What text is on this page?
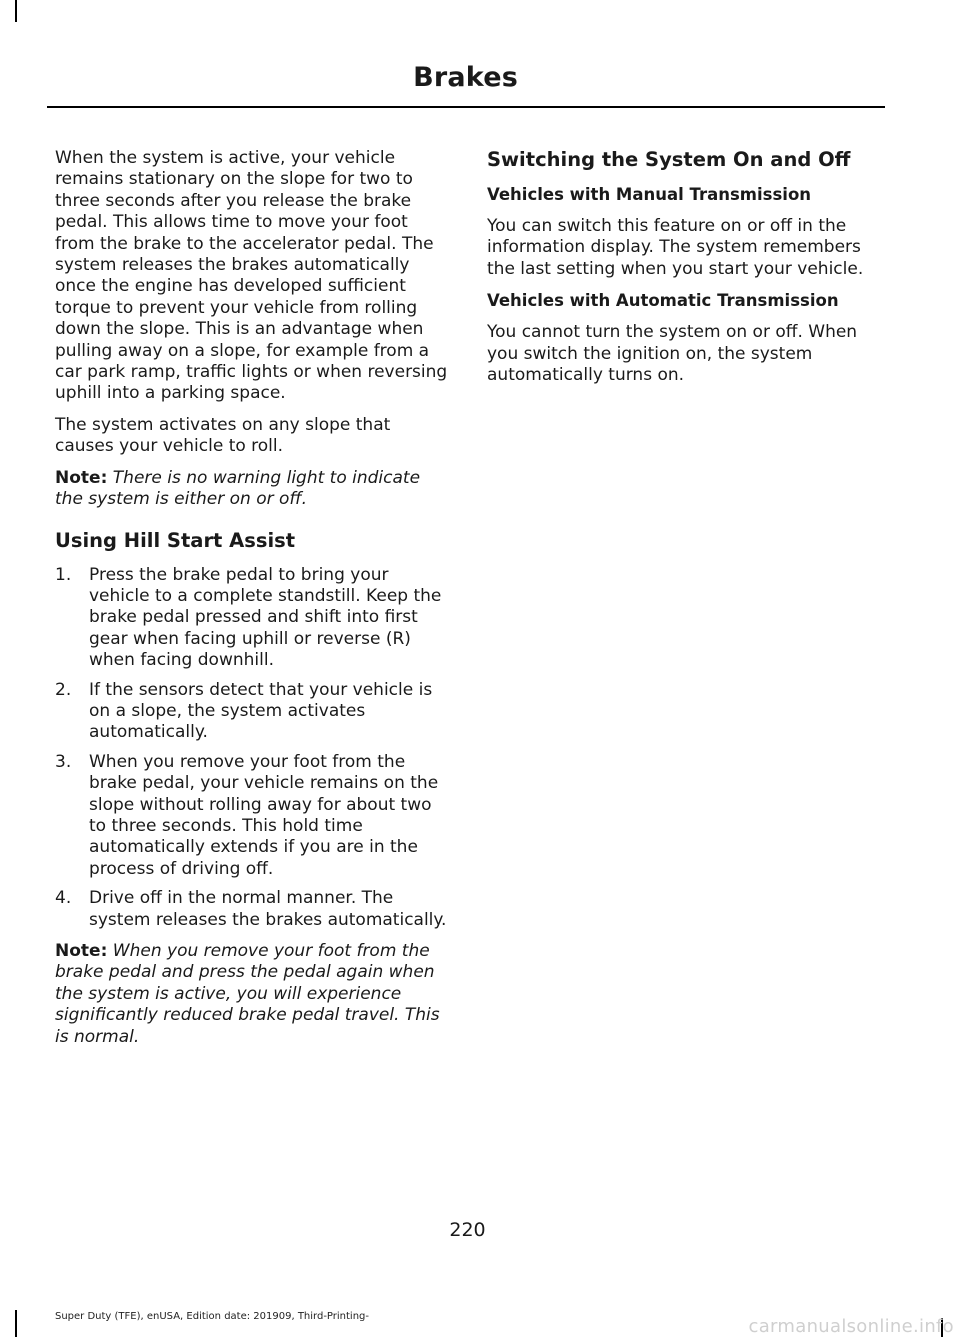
Brakes

When the system is active, your vehicle remains stationary on the slope for two to three seconds after you release the brake pedal. This allows time to move your foot from the brake to the accelerator pedal. The system releases the brakes automatically once the engine has developed sufficient torque to prevent your vehicle from rolling down the slope. This is an advantage when pulling away on a slope, for example from a car park ramp, traffic lights or when reversing uphill into a parking space.

The system activates on any slope that causes your vehicle to roll.

Note: There is no warning light to indicate the system is either on or off.

Using Hill Start Assist
1. Press the brake pedal to bring your vehicle to a complete standstill. Keep the brake pedal pressed and shift into first gear when facing uphill or reverse (R) when facing downhill.
2. If the sensors detect that your vehicle is on a slope, the system activates automatically.
3. When you remove your foot from the brake pedal, your vehicle remains on the slope without rolling away for about two to three seconds. This hold time automatically extends if you are in the process of driving off.
4. Drive off in the normal manner. The system releases the brakes automatically.

Note: When you remove your foot from the brake pedal and press the pedal again when the system is active, you will experience significantly reduced brake pedal travel. This is normal.

Switching the System On and Off
Vehicles with Manual Transmission

You can switch this feature on or off in the information display. The system remembers the last setting when you start your vehicle.

Vehicles with Automatic Transmission

You cannot turn the system on or off. When you switch the ignition on, the system automatically turns on.

220
Super Duty (TFE), enUSA, Edition date: 201909, Third-Printing-	carmanualsonline.info
